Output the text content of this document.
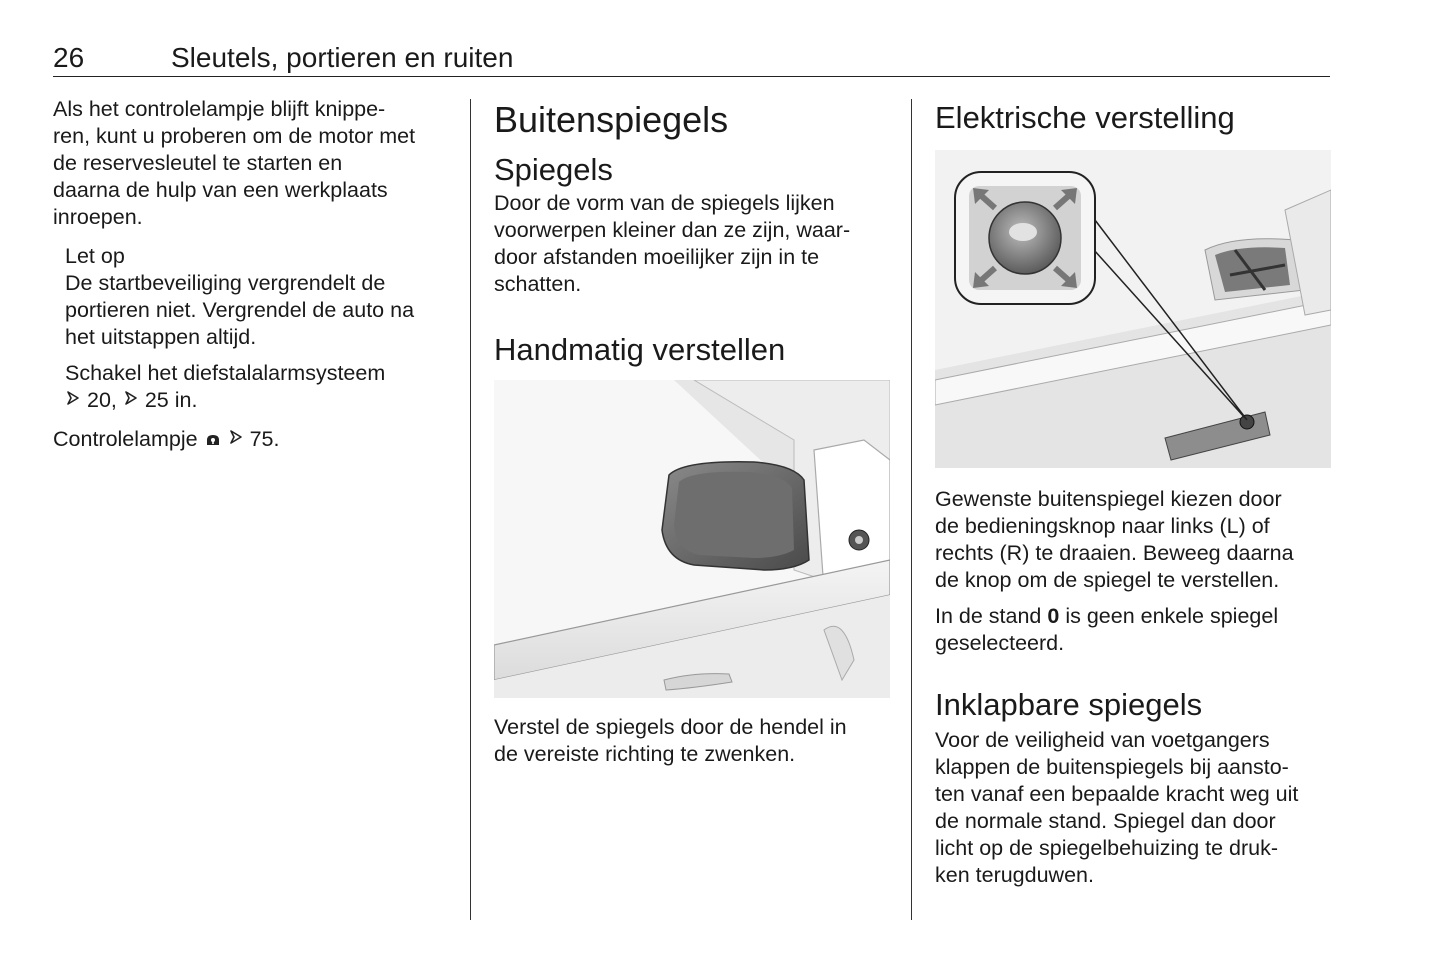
26	Sleutels, portieren en ruiten

Als het controlelampje blijft knippe-
ren, kunt u proberen om de motor met
de reservesleutel te starten en
daarna de hulp van een werkplaats
inroepen.

Let op

De startbeveiliging vergrendelt de
portieren niet. Vergrendel de auto na
het uitstappen altijd.

Schakel het diefstalalarmsysteem
20, 25 in.

Controlelampje 75.

Buitenspiegels
Spiegels

Door de vorm van de spiegels lijken
voorwerpen kleiner dan ze zijn, waar-
door afstanden moeilijker zijn in te
schatten.

Handmatig verstellen

Verstel de spiegels door de hendel in
de vereiste richting te zwenken.

Elektrische verstelling

Gewenste buitenspiegel kiezen door
de bedieningsknop naar links (L) of
rechts (R) te draaien. Beweeg daarna
de knop om de spiegel te verstellen.

In de stand 0 is geen enkele spiegel
geselecteerd.

Inklapbare spiegels

Voor de veiligheid van voetgangers
klappen de buitenspiegels bij aansto-
ten vanaf een bepaalde kracht weg uit
de normale stand. Spiegel dan door
licht op de spiegelbehuizing te druk-
ken terugduwen.
